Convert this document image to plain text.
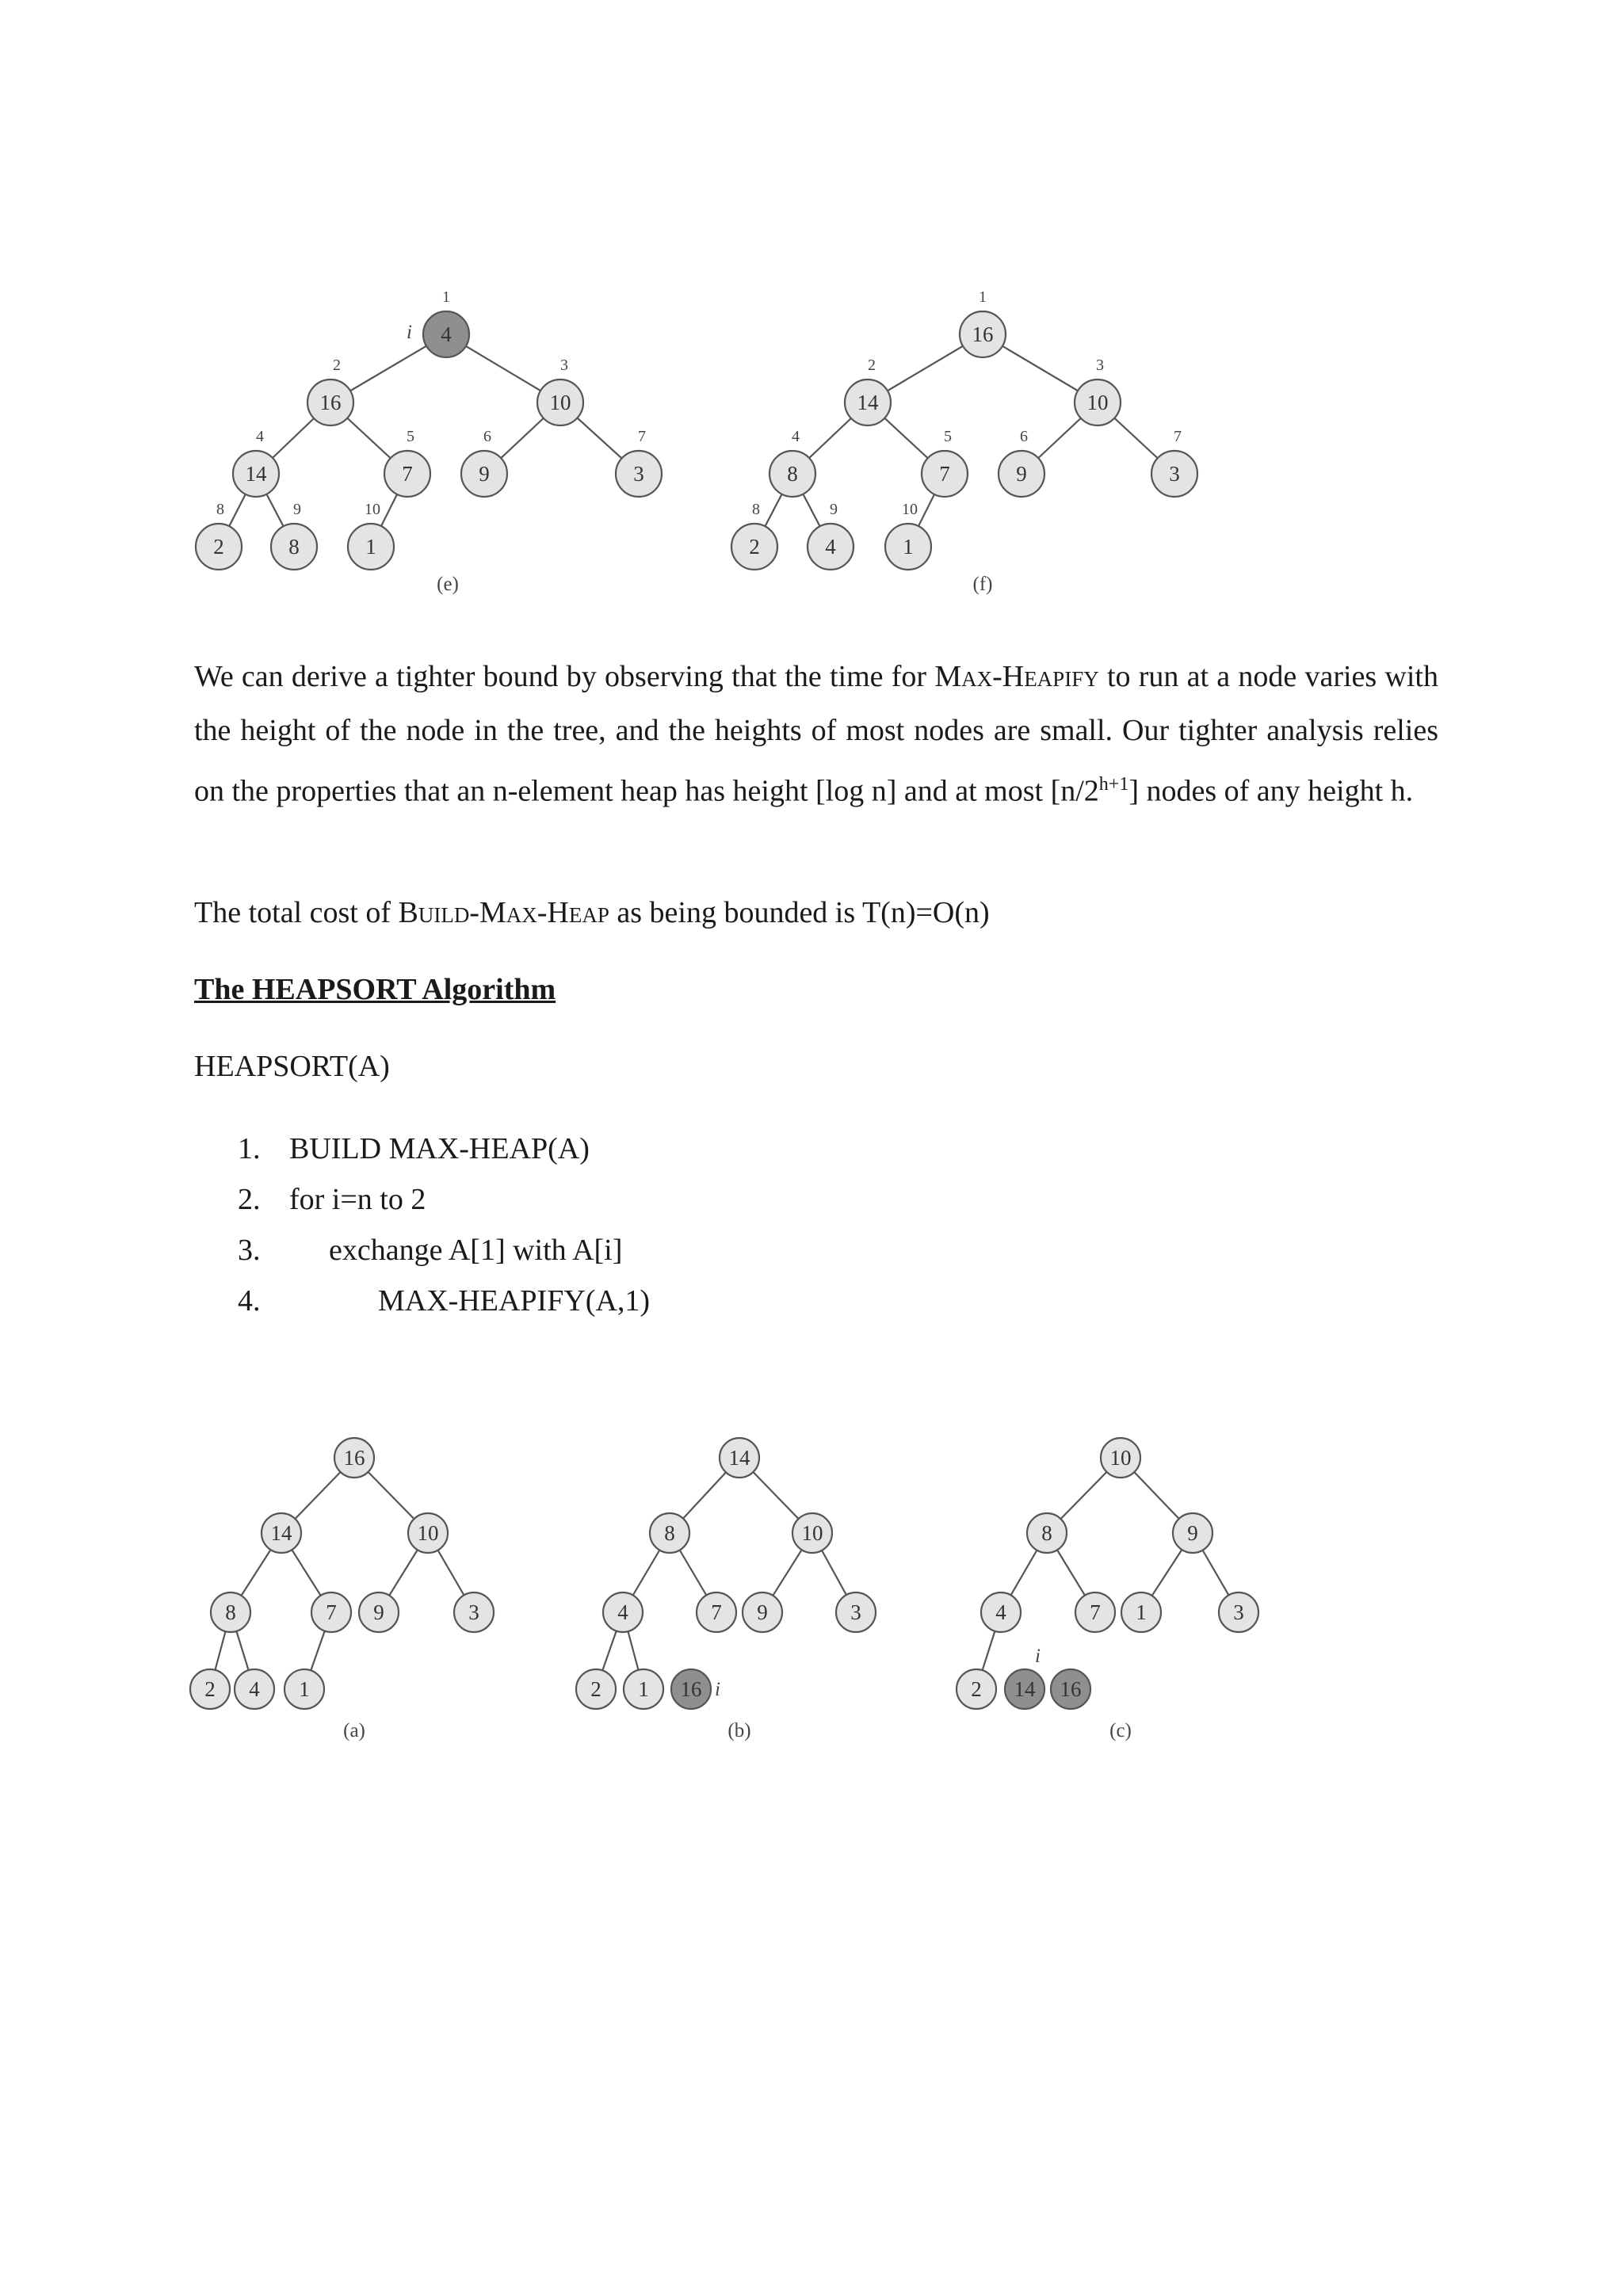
4
16	10
14	7	9	3
2	8	1
1
2	3
4	5	6	7
8	9	10
i
(e)
16
14	10
8	7	9	3
2	4	1
1
2	3
4	5	6	7
8	9	10
(f)

We can derive a tighter bound by observing that the time for Max-Heapify to run at a node varies with the height of the node in the tree, and the heights of most nodes are small. Our tighter analysis relies on the properties that an n-element heap has height [log n] and at most $[n/2^{h+1}]$ nodes of any height h.

The total cost of Build-Max-Heap as being bounded is T(n)=O(n)

The HEAPSORT Algorithm

HEAPSORT(A)

1. BUILD MAX-HEAP(A)
2. for i=n to 2
3.	exchange A[1] with A[i]
4.	MAX-HEAPIFY(A,1)
16
14	10
8	7 9	3
2 4 1
(a)
14
8	10
4	7 9	3
2 1 16 i
(b)
10
8	9
4	7 1	3
2 14 16
i
(c)
